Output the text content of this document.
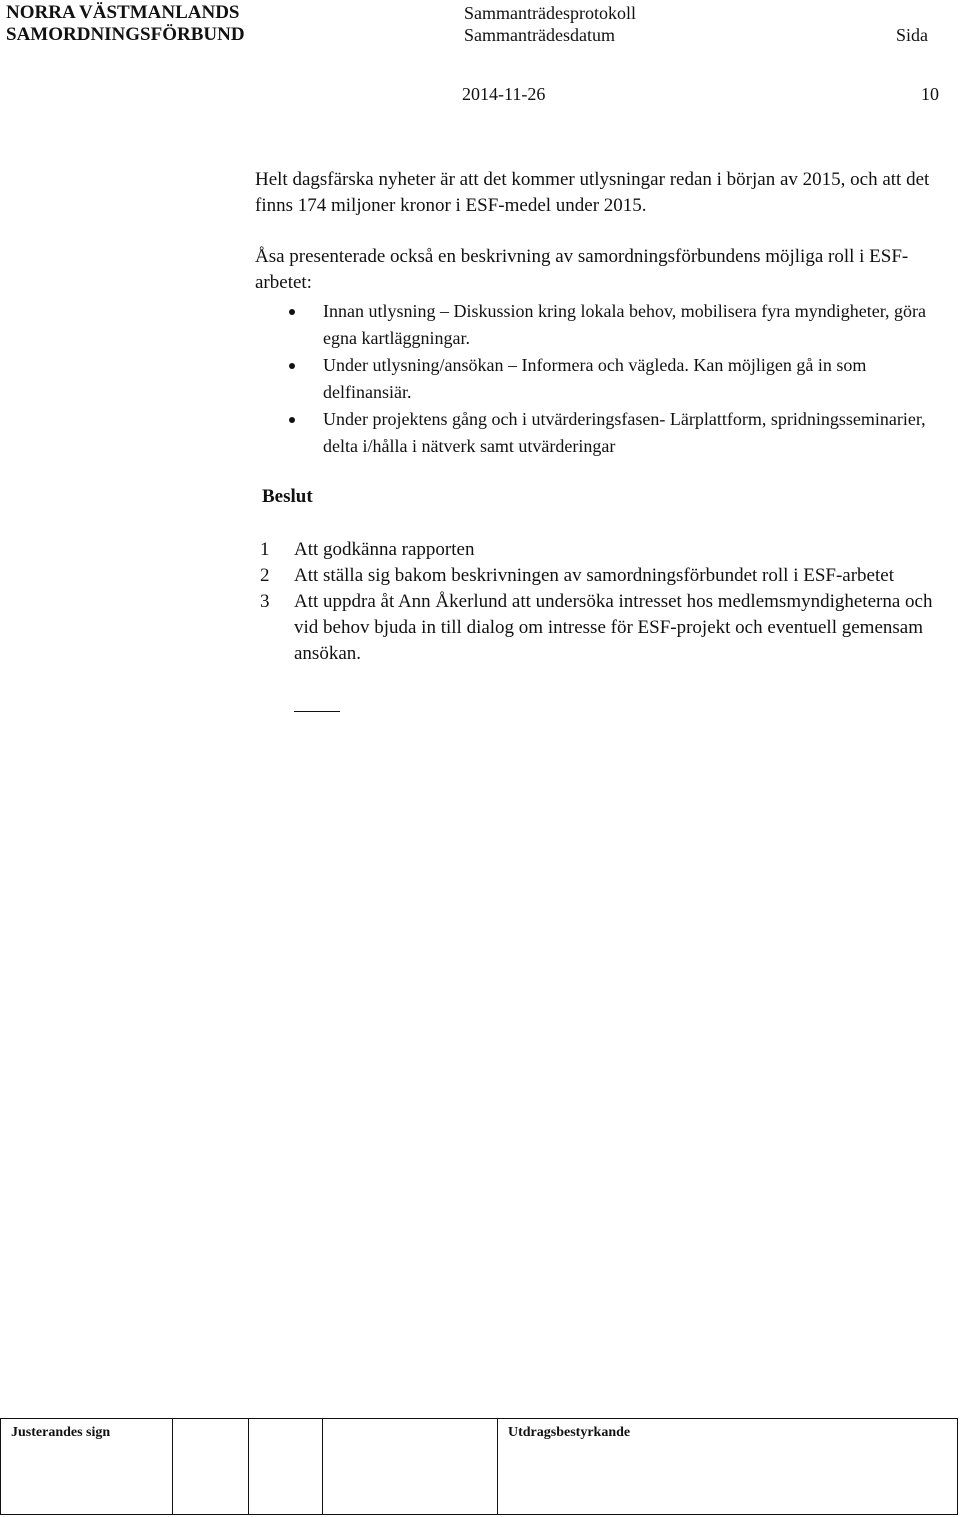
NORRA VÄSTMANLANDS
SAMORDNINGSFÖRBUND
Sammanträdesprotokoll
Sammanträdesdatum	Sida
2014-11-26	10
Helt dagsfärska nyheter är att det kommer utlysningar redan i början av 2015, och att det finns 174 miljoner kronor i ESF-medel under 2015.
Åsa presenterade också en beskrivning av samordningsförbundens möjliga roll i ESF-arbetet:
Innan utlysning – Diskussion kring lokala behov, mobilisera fyra myndigheter, göra egna kartläggningar.
Under utlysning/ansökan – Informera och vägleda. Kan möjligen gå in som delfinansiär.
Under projektens gång och i utvärderingsfasen- Lärplattform, spridningsseminarier, delta i/hålla i nätverk samt utvärderingar
Beslut
1 Att godkänna rapporten
2 Att ställa sig bakom beskrivningen av samordningsförbundet roll i ESF-arbetet
3 Att uppdra åt Ann Åkerlund att undersöka intresset hos medlemsmyndigheterna och vid behov bjuda in till dialog om intresse för ESF-projekt och eventuell gemensam ansökan.
Justerandes sign	Utdragsbestyrkande
